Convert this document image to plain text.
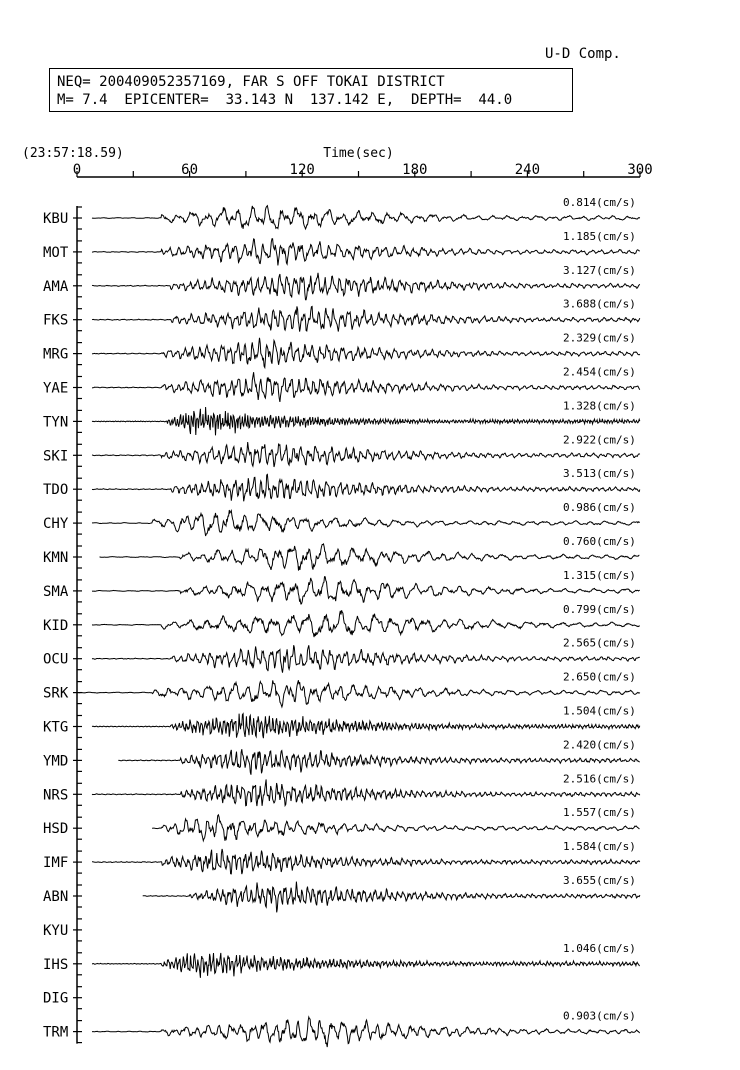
U-D Comp.
NEQ= 200409052357169, FAR S OFF TOKAI DISTRICT
M= 7.4  EPICENTER=  33.143 N  137.142 E,  DEPTH=  44.0
0	60	120	180	240	300
Time(sec)
(23:57:18.59)
KBU
0.814(cm/s)
MOT
1.185(cm/s)
AMA
3.127(cm/s)
FKS
3.688(cm/s)
MRG
2.329(cm/s)
YAE
2.454(cm/s)
TYN
1.328(cm/s)
SKI
2.922(cm/s)
TDO
3.513(cm/s)
CHY
0.986(cm/s)
KMN
0.760(cm/s)
SMA
1.315(cm/s)
KID
0.799(cm/s)
OCU
2.565(cm/s)
SRK
2.650(cm/s)
KTG
1.504(cm/s)
YMD
2.420(cm/s)
NRS
2.516(cm/s)
HSD
1.557(cm/s)
IMF
1.584(cm/s)
ABN
3.655(cm/s)
KYU
IHS
1.046(cm/s)
DIG
TRM
0.903(cm/s)
